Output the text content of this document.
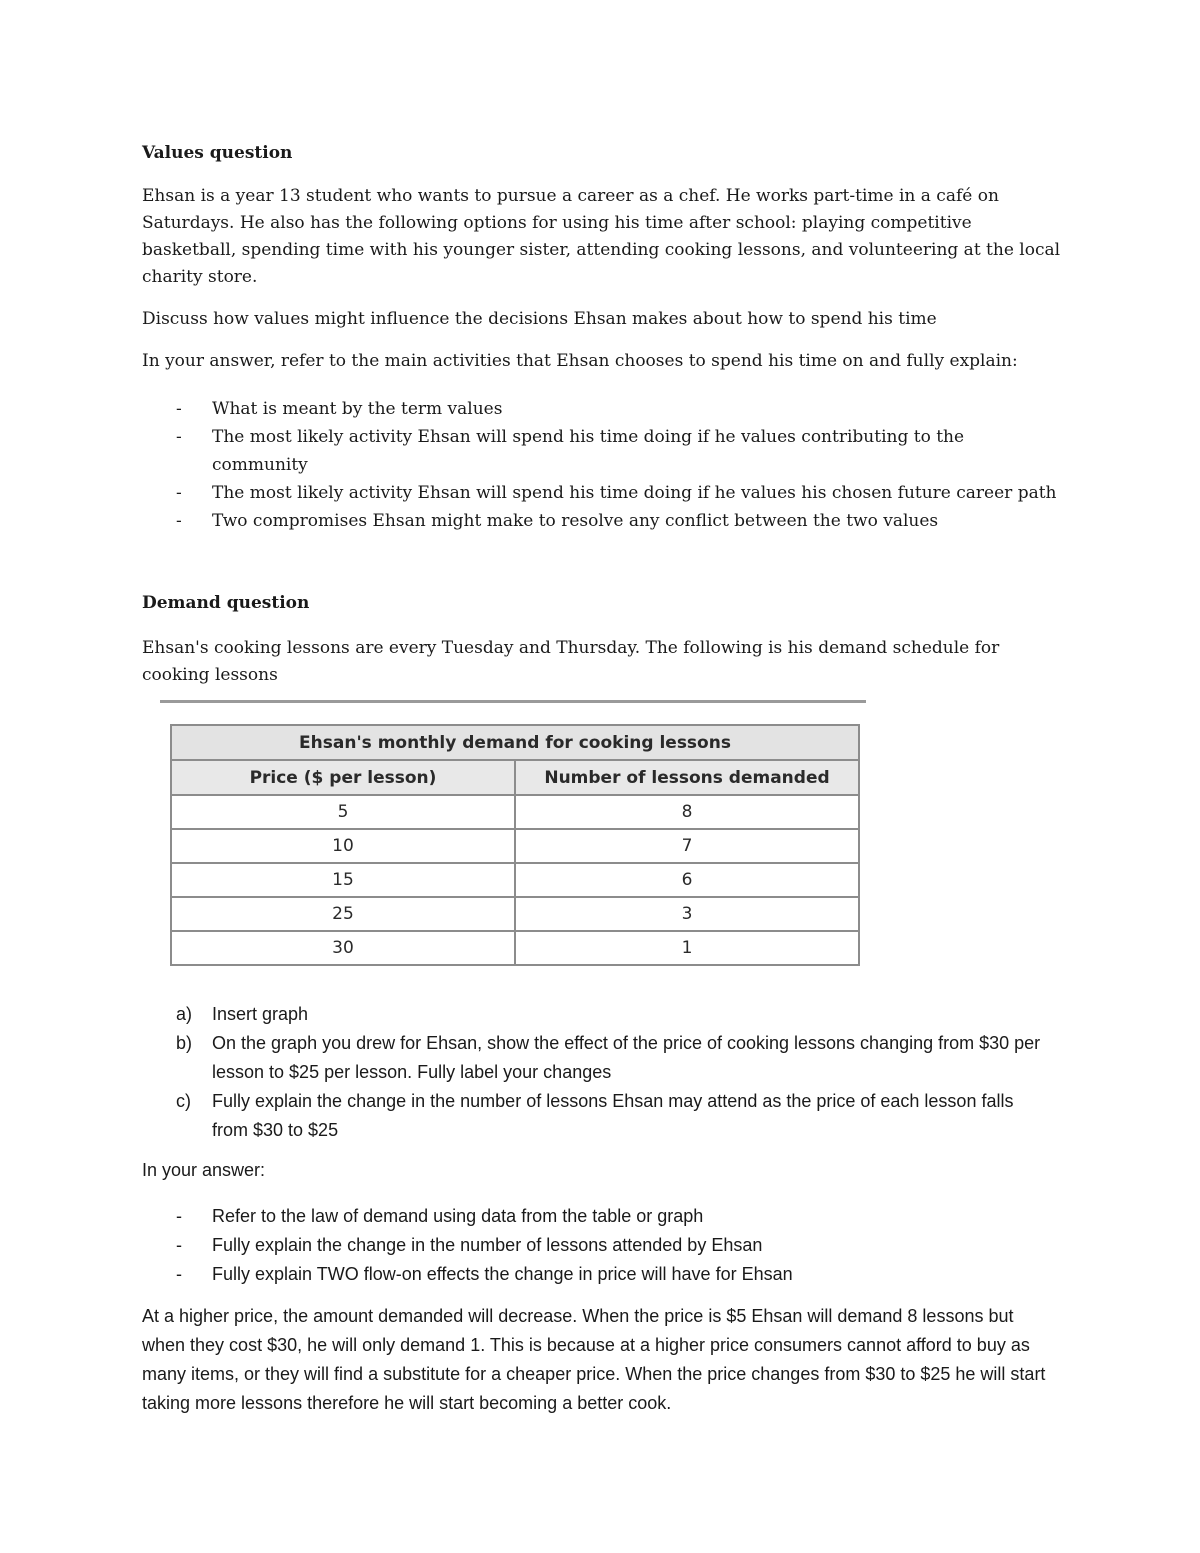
Values question
Ehsan is a year 13 student who wants to pursue a career as a chef. He works part-time in a café on
Saturdays. He also has the following options for using his time after school: playing competitive
basketball, spending time with his younger sister, attending cooking lessons, and volunteering at the local
charity store.
Discuss how values might influence the decisions Ehsan makes about how to spend his time
In your answer, refer to the main activities that Ehsan chooses to spend his time on and fully explain:
- What is meant by the term values
- The most likely activity Ehsan will spend his time doing if he values contributing to the community
- The most likely activity Ehsan will spend his time doing if he values his chosen future career path
- Two compromises Ehsan might make to resolve any conflict between the two values
Demand question

Ehsan's cooking lessons are every Tuesday and Thursday. The following is his demand schedule for cooking lessons

Ehsan's monthly demand for cooking lessons	
Price ($ per lesson)	Number of lessons demanded
5	8
10	7
15	6
25	3
30	1
a) Insert graph
b) On the graph you drew for Ehsan, show the effect of the price of cooking lessons changing from $30 per lesson to $25 per lesson. Fully label your changes
c) Fully explain the change in the number of lessons Ehsan may attend as the price of each lesson falls from $30 to $25
In your answer:
- Refer to the law of demand using data from the table or graph
- Fully explain the change in the number of lessons attended by Ehsan
- Fully explain TWO flow-on effects the change in price will have for Ehsan

At a higher price, the amount demanded will decrease. When the price is $5 Ehsan will demand 8 lessons but when they cost $30, he will only demand 1. This is because at a higher price consumers cannot afford to buy as many items, or they will find a substitute for a cheaper price. When the price changes from $30 to $25 he will start taking more lessons therefore he will start becoming a better cook.
